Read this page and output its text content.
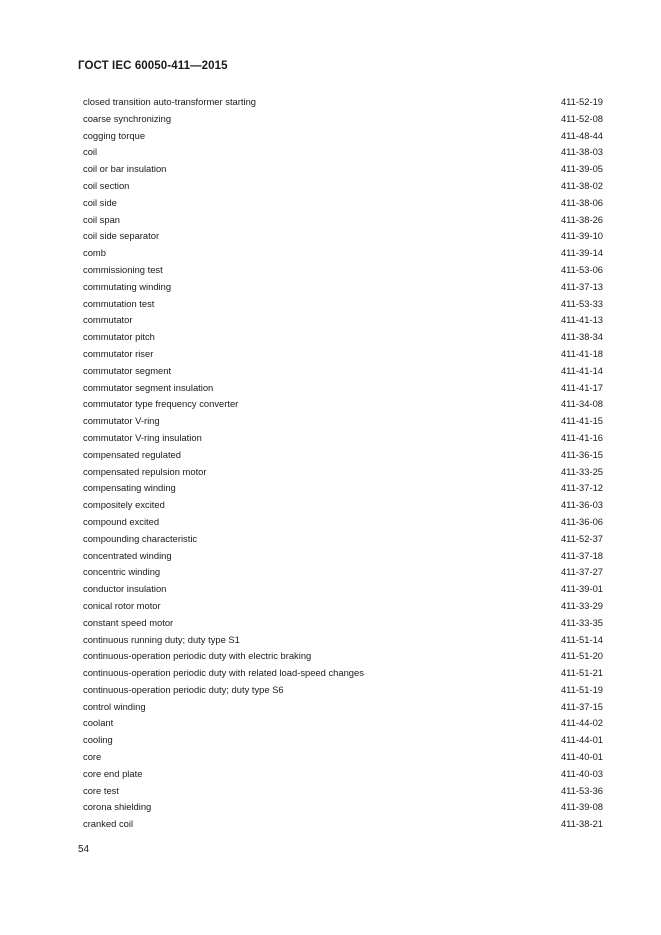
ГОСТ IEC 60050-411—2015
closed transition auto-transformer starting	411-52-19
coarse synchronizing	411-52-08
cogging torque	411-48-44
coil	411-38-03
coil or bar insulation	411-39-05
coil section	411-38-02
coil side	411-38-06
coil span	411-38-26
coil side separator	411-39-10
comb	411-39-14
commissioning test	411-53-06
commutating winding	411-37-13
commutation test	411-53-33
commutator	411-41-13
commutator pitch	411-38-34
commutator riser	411-41-18
commutator segment	411-41-14
commutator segment insulation	411-41-17
commutator type frequency converter	411-34-08
commutator V-ring	411-41-15
commutator V-ring insulation	411-41-16
compensated regulated	411-36-15
compensated repulsion motor	411-33-25
compensating winding	411-37-12
compositely excited	411-36-03
compound excited	411-36-06
compounding characteristic	411-52-37
concentrated winding	411-37-18
concentric winding	411-37-27
conductor insulation	411-39-01
conical rotor motor	411-33-29
constant speed motor	411-33-35
continuous running duty; duty type S1	411-51-14
continuous-operation periodic duty with electric braking	411-51-20
continuous-operation periodic duty with related load-speed changes	411-51-21
continuous-operation periodic duty; duty type S6	411-51-19
control winding	411-37-15
coolant	411-44-02
cooling	411-44-01
core	411-40-01
core end plate	411-40-03
core test	411-53-36
corona shielding	411-39-08
cranked coil	411-38-21
54
